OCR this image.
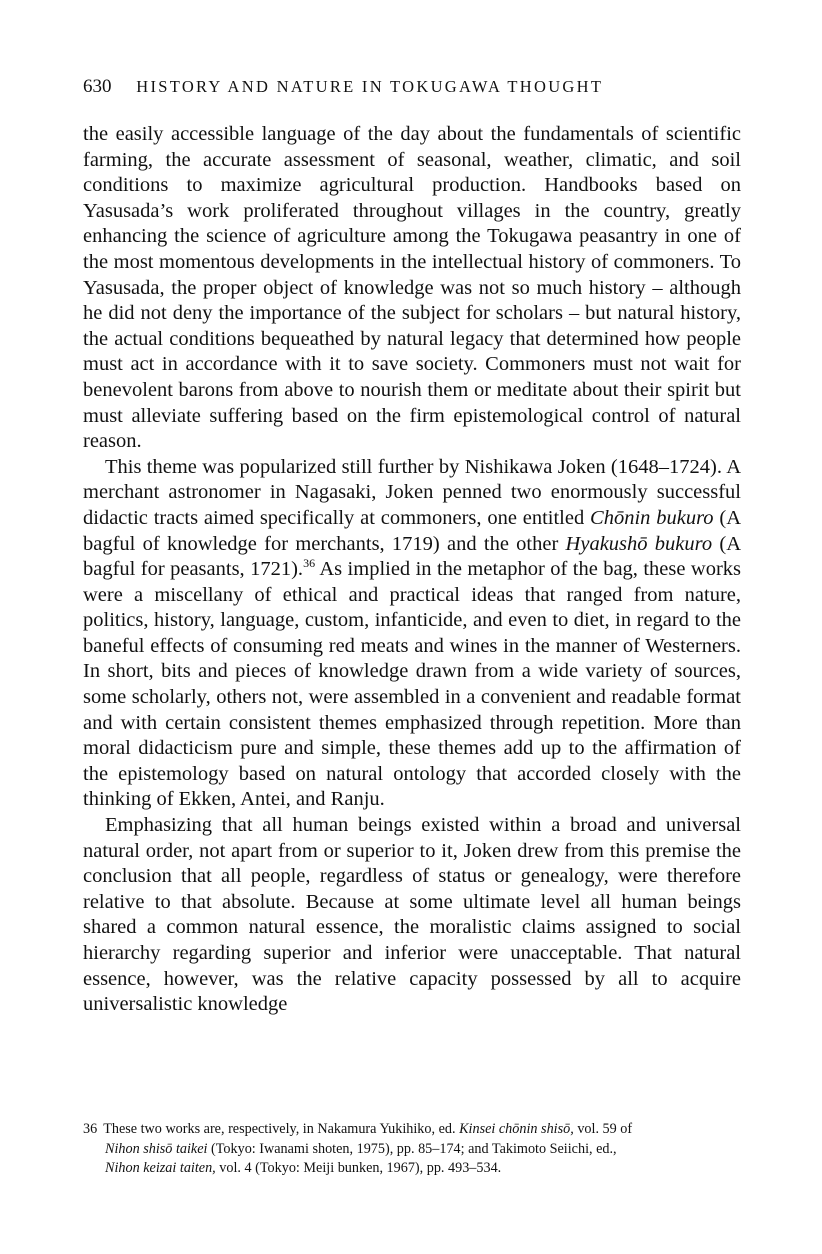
630 HISTORY AND NATURE IN TOKUGAWA THOUGHT

the easily accessible language of the day about the fundamentals of scientific farming, the accurate assessment of seasonal, weather, climatic, and soil conditions to maximize agricultural production. Handbooks based on Yasusada’s work proliferated throughout villages in the country, greatly enhancing the science of agriculture among the Tokugawa peasantry in one of the most momentous developments in the intellectual history of commoners. To Yasusada, the proper object of knowledge was not so much history – although he did not deny the importance of the subject for scholars – but natural history, the actual conditions bequeathed by natural legacy that determined how people must act in accordance with it to save society. Commoners must not wait for benevolent barons from above to nourish them or meditate about their spirit but must alleviate suffering based on the firm epistemological control of natural reason.

This theme was popularized still further by Nishikawa Joken (1648–1724). A merchant astronomer in Nagasaki, Joken penned two enormously successful didactic tracts aimed specifically at commoners, one entitled Chōnin bukuro (A bagful of knowledge for merchants, 1719) and the other Hyakushō bukuro (A bagful for peasants, 1721).$^{36}$ As implied in the metaphor of the bag, these works were a miscellany of ethical and practical ideas that ranged from nature, politics, history, language, custom, infanticide, and even to diet, in regard to the baneful effects of consuming red meats and wines in the manner of Westerners. In short, bits and pieces of knowledge drawn from a wide variety of sources, some scholarly, others not, were assembled in a convenient and readable format and with certain consistent themes emphasized through repetition. More than moral didacticism pure and simple, these themes add up to the affirmation of the epistemology based on natural ontology that accorded closely with the thinking of Ekken, Antei, and Ranju.

Emphasizing that all human beings existed within a broad and universal natural order, not apart from or superior to it, Joken drew from this premise the conclusion that all people, regardless of status or genealogy, were therefore relative to that absolute. Because at some ultimate level all human beings shared a common natural essence, the moralistic claims assigned to social hierarchy regarding superior and inferior were unacceptable. That natural essence, however, was the relative capacity possessed by all to acquire universalistic knowledge

36 These two works are, respectively, in Nakamura Yukihiko, ed. Kinsei chōnin shisō, vol. 59 of
Nihon shisō taikei (Tokyo: Iwanami shoten, 1975), pp. 85–174; and Takimoto Seiichi, ed.,
Nihon keizai taiten, vol. 4 (Tokyo: Meiji bunken, 1967), pp. 493–534.
